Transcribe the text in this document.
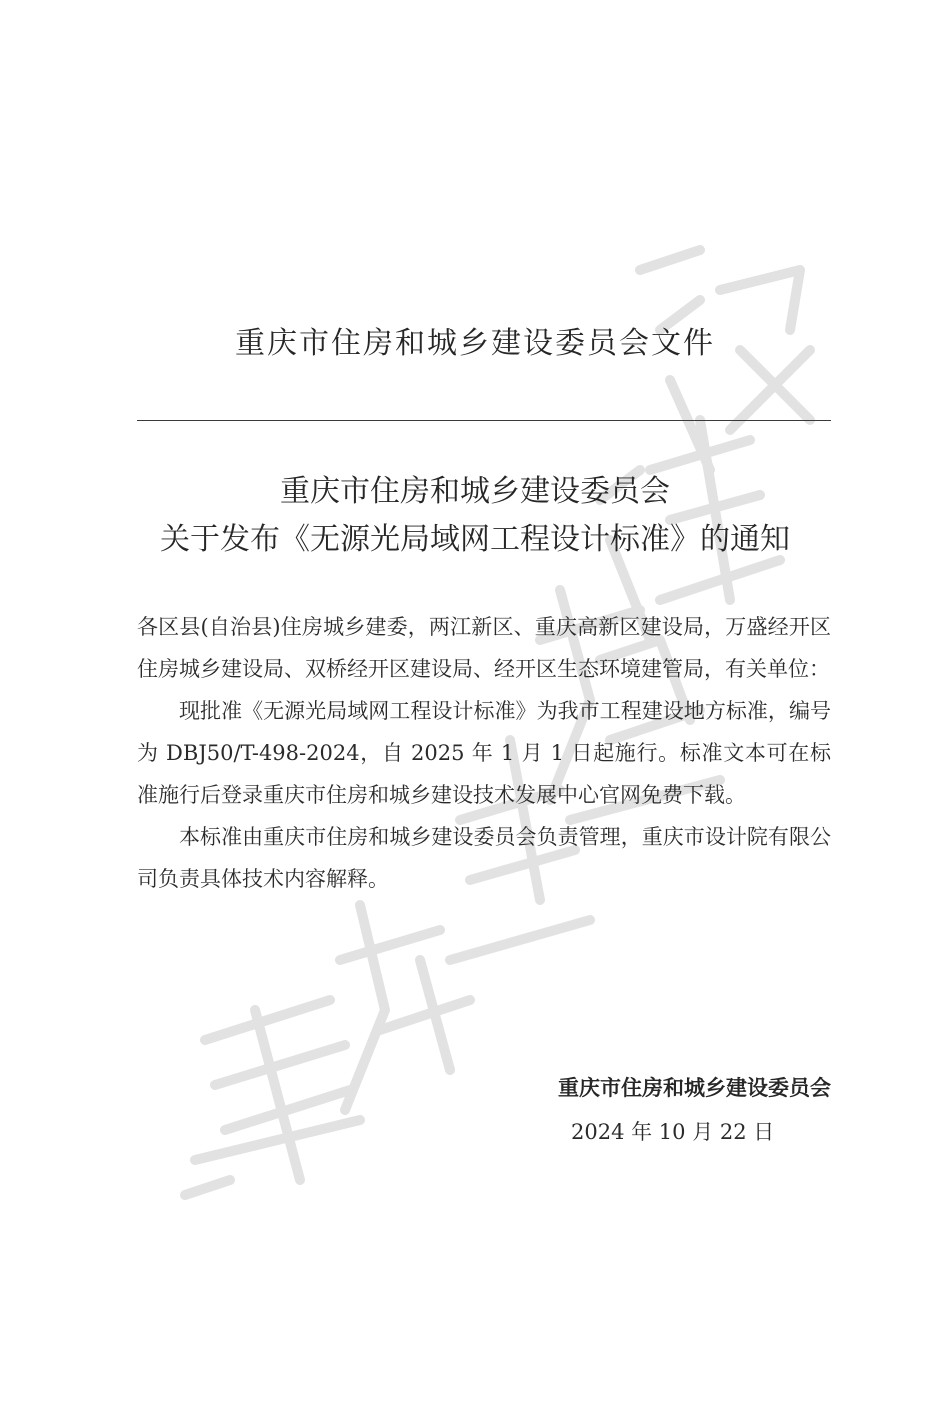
重庆市住房和城乡建设委员会文件
重庆市住房和城乡建设委员会
关于发布《无源光局域网工程设计标准》的通知

各区县(自治县)住房城乡建委，两江新区、重庆高新区建设局，万盛经开区住房城乡建设局、双桥经开区建设局、经开区生态环境建管局，有关单位：

现批准《无源光局域网工程设计标准》为我市工程建设地方标准，编号为 DBJ50/T-498-2024，自 2025 年 1 月 1 日起施行。标准文本可在标准施行后登录重庆市住房和城乡建设技术发展中心官网免费下载。

本标准由重庆市住房和城乡建设委员会负责管理，重庆市设计院有限公司负责具体技术内容解释。

重庆市住房和城乡建设委员会
2024 年 10 月 22 日
